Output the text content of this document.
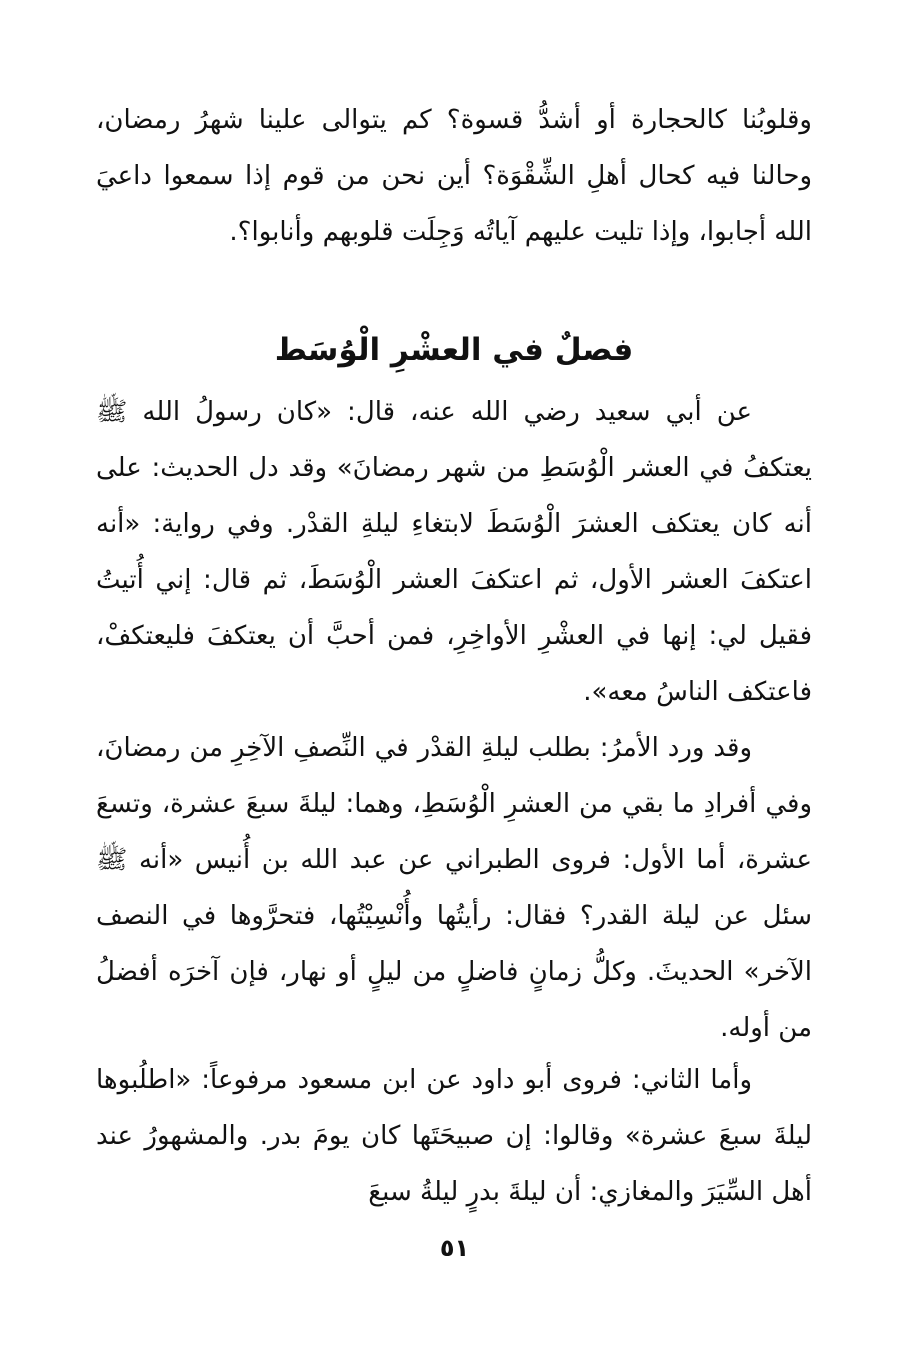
وقلوبُنا كالحجارة أو أشدُّ قسوة؟ كم يتوالى علينا شهرُ رمضان، وحالنا فيه كحال أهلِ الشِّقْوَة؟ أين نحن من قوم إذا سمعوا داعيَ الله أجابوا، وإذا تليت عليهم آياتُه وَجِلَت قلوبهم وأنابوا؟.
فصلٌ في العشْرِ الْوُسَط
عن أبي سعيد رضي الله عنه، قال: «كان رسولُ الله ﷺ يعتكفُ في العشر الْوُسَطِ من شهر رمضانَ» وقد دل الحديث: على أنه كان يعتكف العشرَ الْوُسَطَ لابتغاءِ ليلةِ القدْر. وفي رواية: «أنه اعتكفَ العشر الأول، ثم اعتكفَ العشر الْوُسَطَ، ثم قال: إني أُتيتُ فقيل لي: إنها في العشْرِ الأواخِرِ، فمن أحبَّ أن يعتكفَ فليعتكفْ، فاعتكف الناسُ معه».
وقد ورد الأمرُ: بطلب ليلةِ القدْر في النِّصفِ الآخِرِ من رمضانَ، وفي أفرادِ ما بقي من العشرِ الْوُسَطِ، وهما: ليلةَ سبعَ عشرة، وتسعَ عشرة، أما الأول: فروى الطبراني عن عبد الله بن أُنيس «أنه ﷺ سئل عن ليلة القدر؟ فقال: رأيتُها وأُنْسِيْتُها، فتحرَّوها في النصف الآخر» الحديثَ. وكلُّ زمانٍ فاضلٍ من ليلٍ أو نهار، فإن آخرَه أفضلُ من أوله.
وأما الثاني: فروى أبو داود عن ابن مسعود مرفوعاً: «اطلُبوها ليلةَ سبعَ عشرة» وقالوا: إن صبيحَتَها كان يومَ بدر. والمشهورُ عند أهل السِّيَرَ والمغازي: أن ليلةَ بدرٍ ليلةُ سبعَ
٥١
